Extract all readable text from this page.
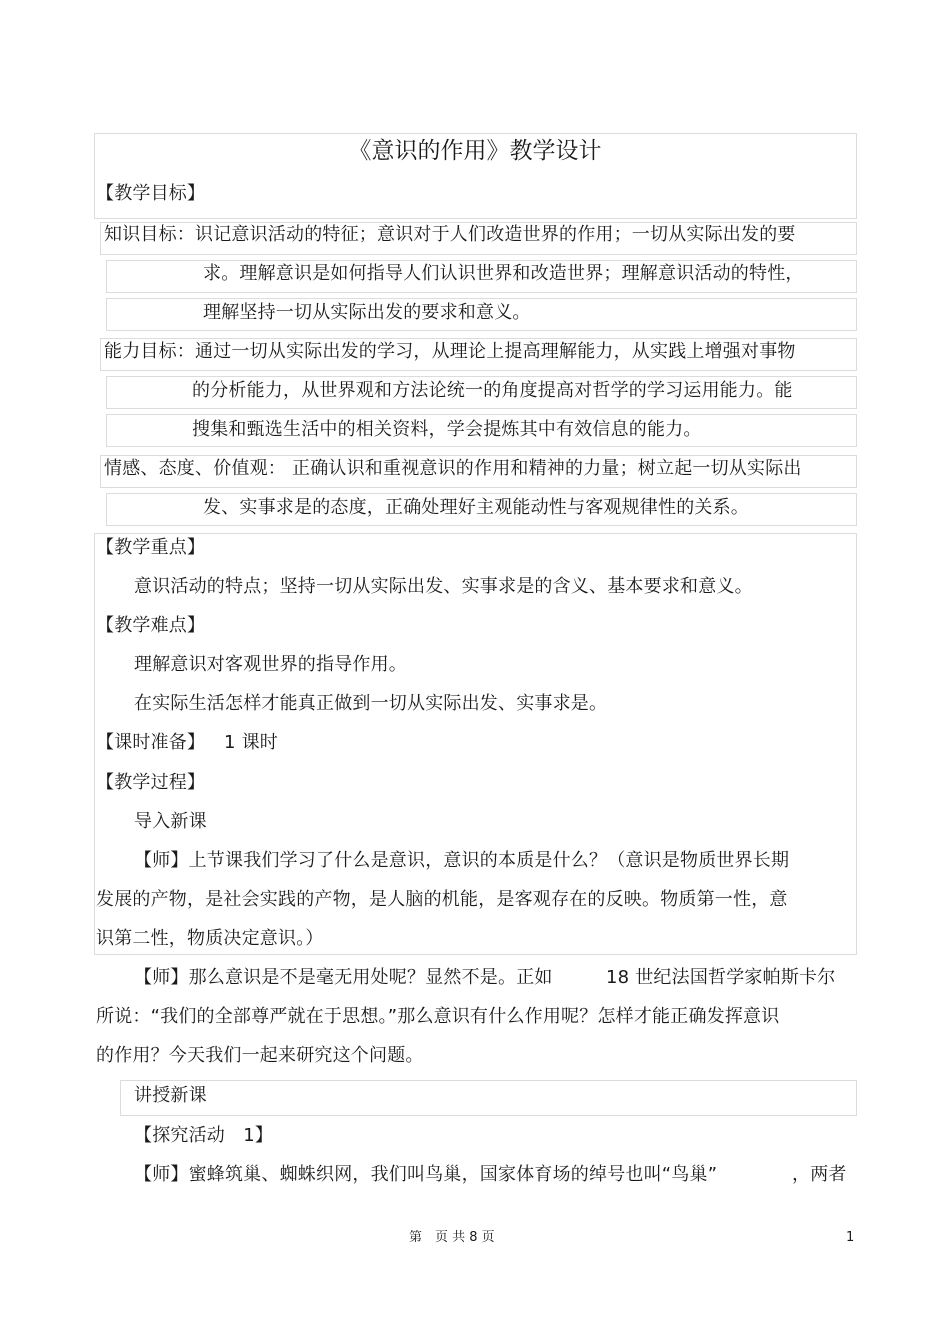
《意识的作用》教学设计
【教学目标】
知识目标： 识记意识活动的特征；意识对于人们改造世界的作用；一切从实际出发的要
求。理解意识是如何指导人们认识世界和改造世界；理解意识活动的特性，
理解坚持一切从实际出发的要求和意义。
能力目标： 通过一切从实际出发的学习，从理论上提高理解能力，从实践上增强对事物
的分析能力，从世界观和方法论统一的角度提高对哲学的学习运用能力。能
搜集和甄选生活中的相关资料，学会提炼其中有效信息的能力。
情感、态度、价值观： 正确认识和重视意识的作用和精神的力量；树立起一切从实际出
发、实事求是的态度，正确处理好主观能动性与客观规律性的关系。
【教学重点】
意识活动的特点；坚持一切从实际出发、实事求是的含义、基本要求和意义。
【教学难点】
理解意识对客观世界的指导作用。
在实际生活怎样才能真正做到一切从实际出发、实事求是。
【课时准备】 1 课时
【教学过程】
导入新课
【师】上节课我们学习了什么是意识，意识的本质是什么？（意识是物质世界长期
发展的产物，是社会实践的产物，是人脑的机能，是客观存在的反映。物质第一性，意
识第二性，物质决定意识。）
【师】那么意识是不是毫无用处呢？显然不是。正如	18 世纪法国哲学家帕斯卡尔
所说：“我们的全部尊严就在于思想。”那么意识有什么作用呢？怎样才能正确发挥意识
的作用？今天我们一起来研究这个问题。
讲授新课
【探究活动　1】
【师】蜜蜂筑巢、蜘蛛织网，我们叫鸟巢，国家体育场的绰号也叫“鸟巢”	，两者
第　页 共 8 页	1
